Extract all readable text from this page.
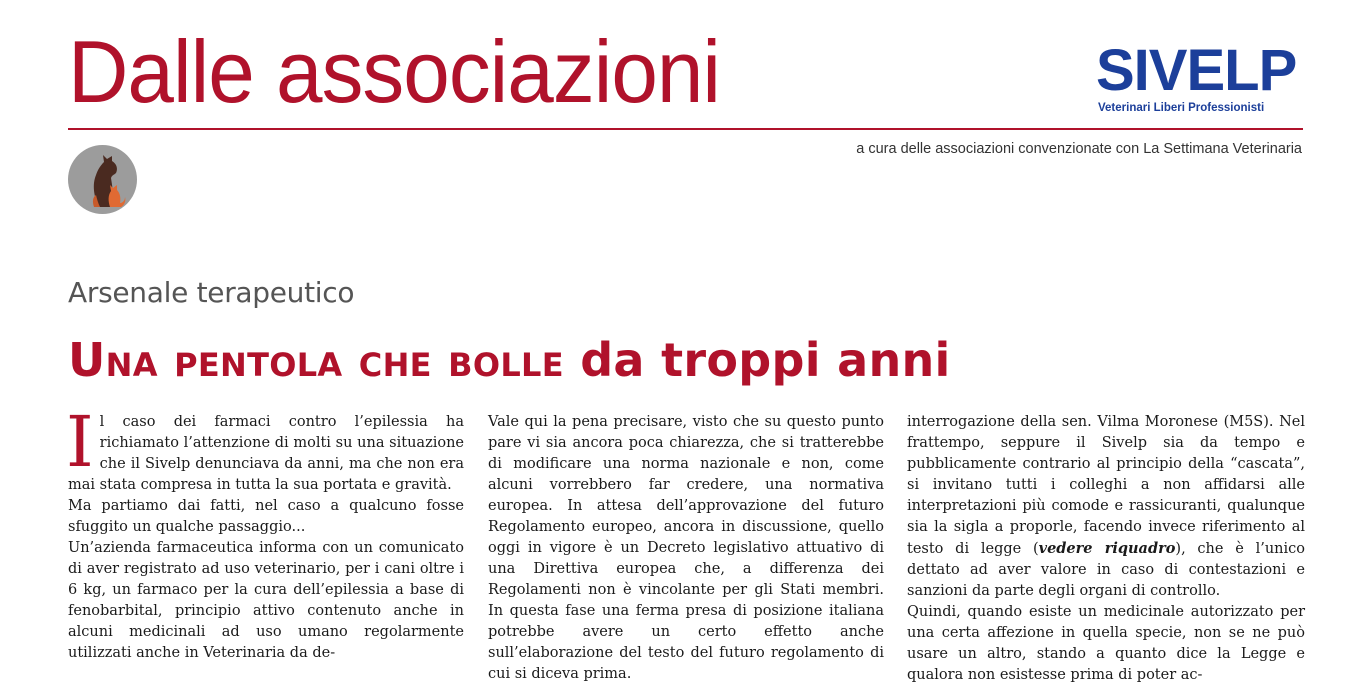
Dalle associazioni	SIVELP
Veterinari Liberi Professionisti
a cura delle associazioni convenzionate con La Settimana Veterinaria
Arsenale terapeutico
Una pentola che bolle da troppi anni

Il caso dei farmaci contro l’epilessia ha richiamato l’attenzione di molti su una situazione che il Sivelp denunciava da anni, ma che non era mai stata compresa in tutta la sua portata e gravità.

Ma partiamo dai fatti, nel caso a qualcuno fosse sfuggito un qualche passaggio...

Un’azienda farmaceutica informa con un comunicato di aver registrato ad uso veterinario, per i cani oltre i 6 kg, un farmaco per la cura dell’epilessia a base di fenobarbital, principio attivo contenuto anche in alcuni medicinali ad uso umano regolarmente utilizzati anche in Veterinaria da de-

Vale qui la pena precisare, visto che su questo punto pare vi sia ancora poca chiarezza, che si tratterebbe di modificare una norma nazionale e non, come alcuni vorrebbero far credere, una normativa europea. In attesa dell’approvazione del futuro Regolamento europeo, ancora in discussione, quello oggi in vigore è un Decreto legislativo attuativo di una Direttiva europea che, a differenza dei Regolamenti non è vincolante per gli Stati membri. In questa fase una ferma presa di posizione italiana potrebbe avere un certo effetto anche sull’elaborazione del testo del futuro regolamento di cui si diceva prima.

interrogazione della sen. Vilma Moronese (M5S). Nel frattempo, seppure il Sivelp sia da tempo e pubblicamente contrario al principio della “cascata”, si invitano tutti i colleghi a non affidarsi alle interpretazioni più comode e rassicuranti, qualunque sia la sigla a proporle, facendo invece riferimento al testo di legge (vedere riquadro), che è l’unico dettato ad aver valore in caso di contestazioni e sanzioni da parte degli organi di controllo.

Quindi, quando esiste un medicinale autorizzato per una certa affezione in quella specie, non se ne può usare un altro, stando a quanto dice la Legge e qualora non esistesse prima di poter ac-
